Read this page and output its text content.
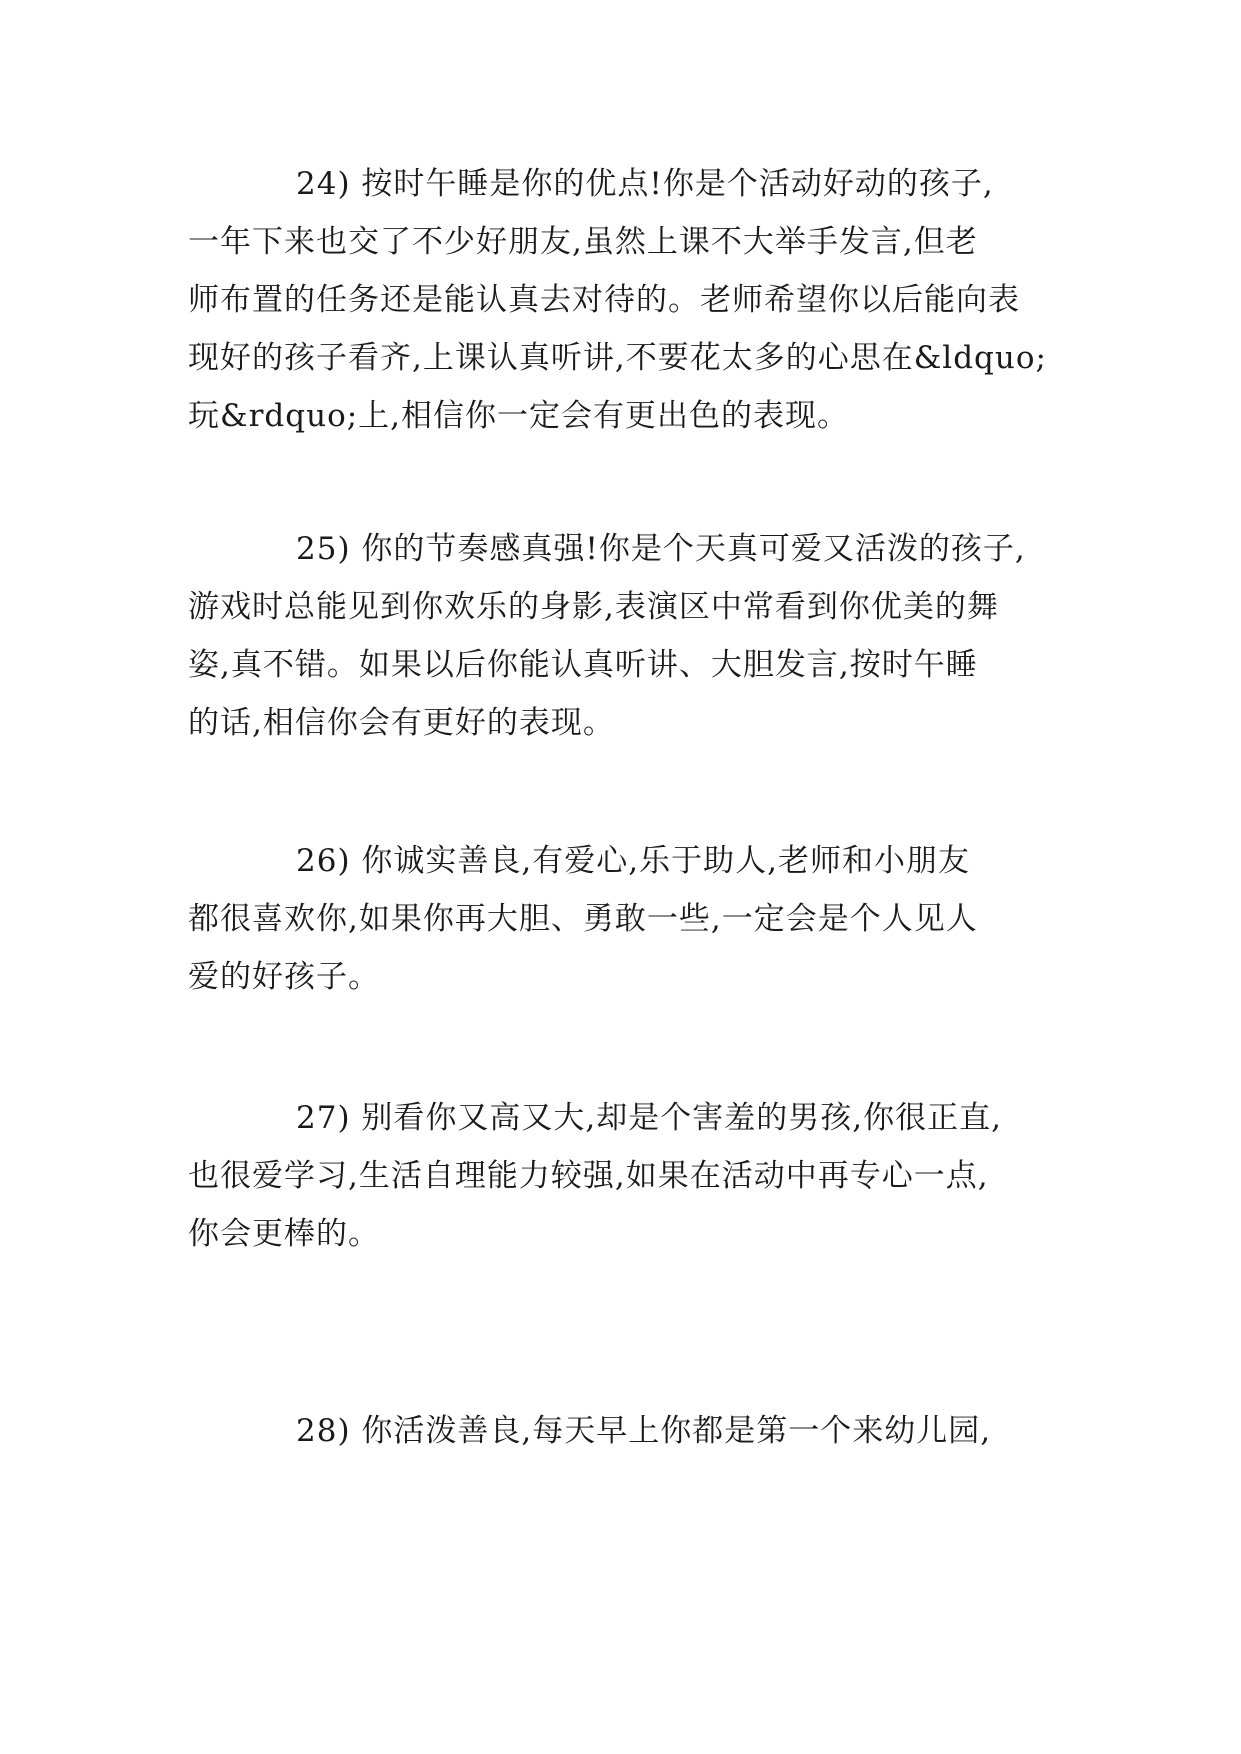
24) 按时午睡是你的优点!你是个活动好动的孩子,
一年下来也交了不少好朋友,虽然上课不大举手发言,但老
师布置的任务还是能认真去对待的。老师希望你以后能向表
现好的孩子看齐,上课认真听讲,不要花太多的心思在&ldquo;
玩&rdquo;上,相信你一定会有更出色的表现。

25) 你的节奏感真强!你是个天真可爱又活泼的孩子,
游戏时总能见到你欢乐的身影,表演区中常看到你优美的舞
姿,真不错。如果以后你能认真听讲、大胆发言,按时午睡
的话,相信你会有更好的表现。

26) 你诚实善良,有爱心,乐于助人,老师和小朋友
都很喜欢你,如果你再大胆、勇敢一些,一定会是个人见人
爱的好孩子。

27) 别看你又高又大,却是个害羞的男孩,你很正直,
也很爱学习,生活自理能力较强,如果在活动中再专心一点,
你会更棒的。

28) 你活泼善良,每天早上你都是第一个来幼儿园,
